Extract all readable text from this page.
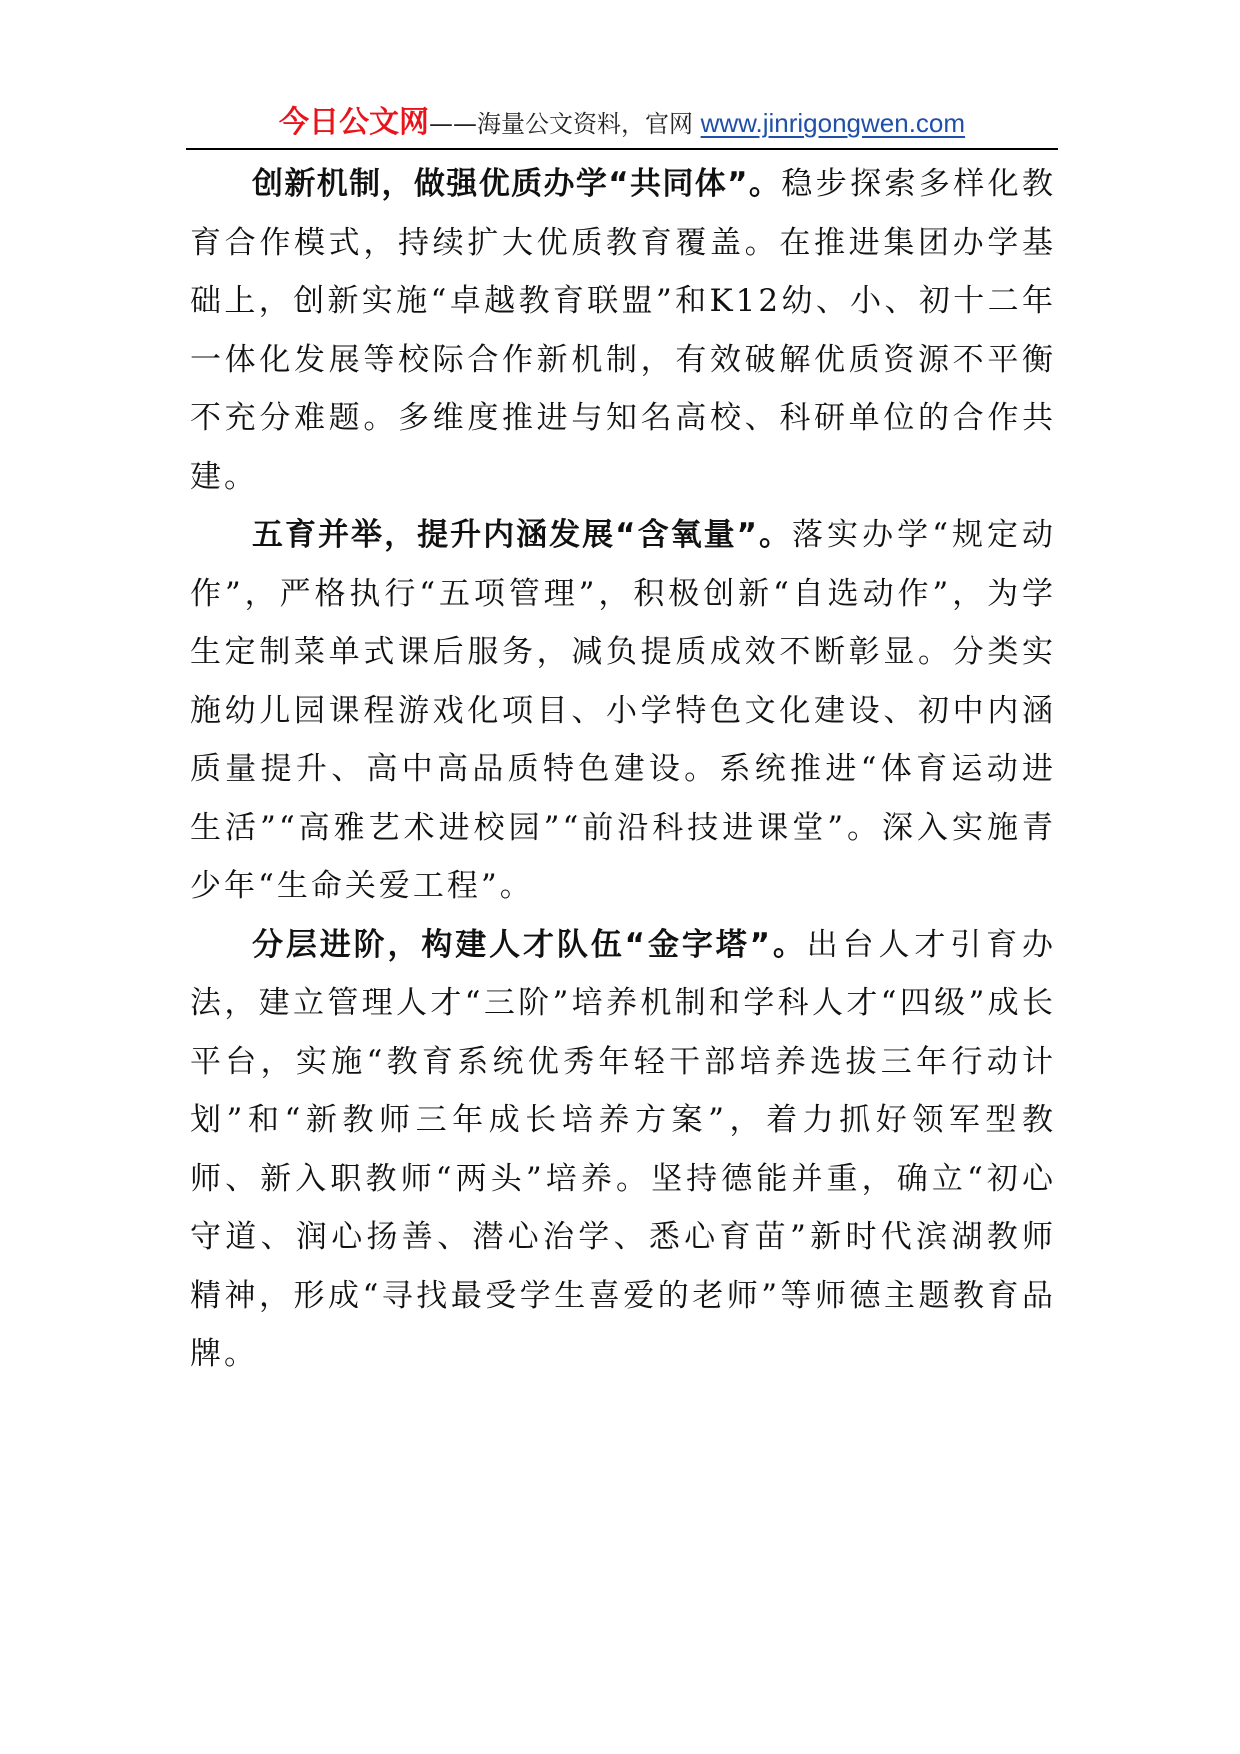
今日公文网——海量公文资料，官网 www.jinrigongwen.com

创新机制，做强优质办学“共同体”。稳步探索多样化教育合作模式，持续扩大优质教育覆盖。在推进集团办学基础上，创新实施“卓越教育联盟”和K12幼、小、初十二年一体化发展等校际合作新机制，有效破解优质资源不平衡不充分难题。多维度推进与知名高校、科研单位的合作共建。

五育并举，提升内涵发展“含氧量”。落实办学“规定动作”，严格执行“五项管理”，积极创新“自选动作”，为学生定制菜单式课后服务，减负提质成效不断彰显。分类实施幼儿园课程游戏化项目、小学特色文化建设、初中内涵质量提升、高中高品质特色建设。系统推进“体育运动进生活”“高雅艺术进校园”“前沿科技进课堂”。深入实施青少年“生命关爱工程”。

分层进阶，构建人才队伍“金字塔”。出台人才引育办法，建立管理人才“三阶”培养机制和学科人才“四级”成长平台，实施“教育系统优秀年轻干部培养选拔三年行动计划”和“新教师三年成长培养方案”，着力抓好领军型教师、新入职教师“两头”培养。坚持德能并重，确立“初心守道、润心扬善、潜心治学、悉心育苗”新时代滨湖教师精神，形成“寻找最受学生喜爱的老师”等师德主题教育品牌。
